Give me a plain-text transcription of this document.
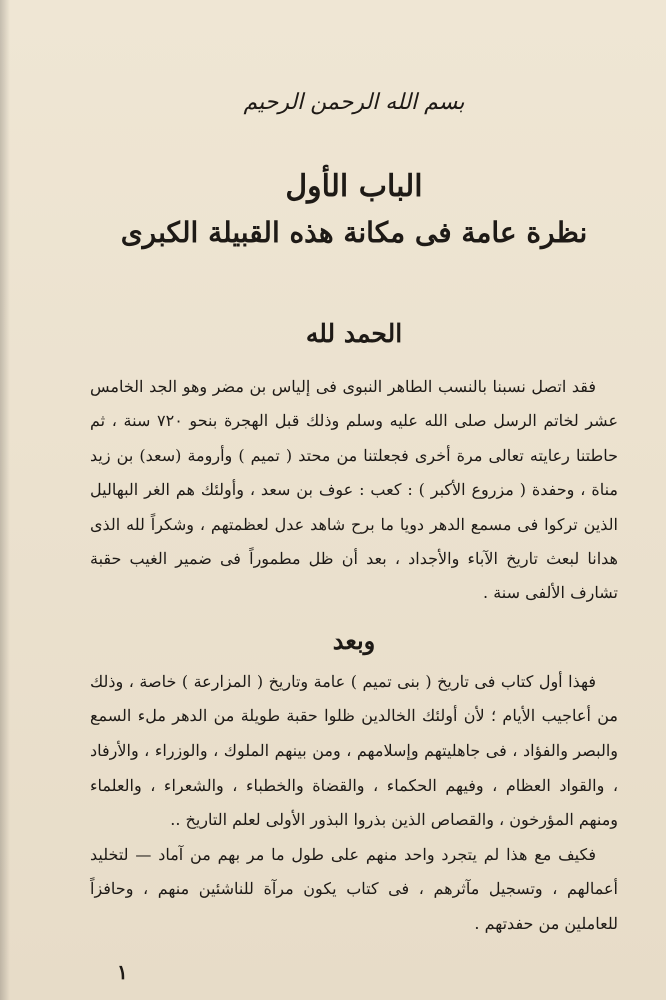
بسم الله الرحمن الرحيم
الباب الأول
نظرة عامة فى مكانة هذه القبيلة الكبرى
الحمد لله

فقد اتصل نسبنا بالنسب الطاهر النبوى فى إلياس بن مضر وهو الجد الخامس عشر لخاتم الرسل صلى الله عليه وسلم وذلك قبل الهجرة بنحو ٧٢٠ سنة ، ثم حاطتنا رعايته تعالى مرة أخرى فجعلتنا من محتد ( تميم ) وأرومة (سعد) بن زيد مناة ، وحفدة ( مزروع الأكبر ) : كعب : عوف بن سعد ، وأولئك هم الغر البهاليل الذين تركوا فى مسمع الدهر دويا ما برح شاهد عدل لعظمتهم ، وشكراً لله الذى هدانا لبعث تاريخ الآباء والأجداد ، بعد أن ظل مطموراً فى ضمير الغيب حقبة تشارف الألفى سنة .

وبعد

فهذا أول كتاب فى تاريخ ( بنى تميم ) عامة وتاريخ ( المزارعة ) خاصة ، وذلك من أعاجيب الأيام ؛ لأن أولئك الخالدين ظلوا حقبة طويلة من الدهر ملء السمع والبصر والفؤاد ، فى جاهليتهم وإسلامهم ، ومن بينهم الملوك ، والوزراء ، والأرفاد ، والقواد العظام ، وفيهم الحكماء ، والقضاة والخطباء ، والشعراء ، والعلماء ومنهم المؤرخون ، والقصاص الذين بذروا البذور الأولى لعلم التاريخ ..

فكيف مع هذا لم يتجرد واحد منهم على طول ما مر بهم من آماد — لتخليد أعمالهم ، وتسجيل مآثرهم ، فى كتاب يكون مرآة للناشئين منهم ، وحافزاً للعاملين من حفدتهم .

١
